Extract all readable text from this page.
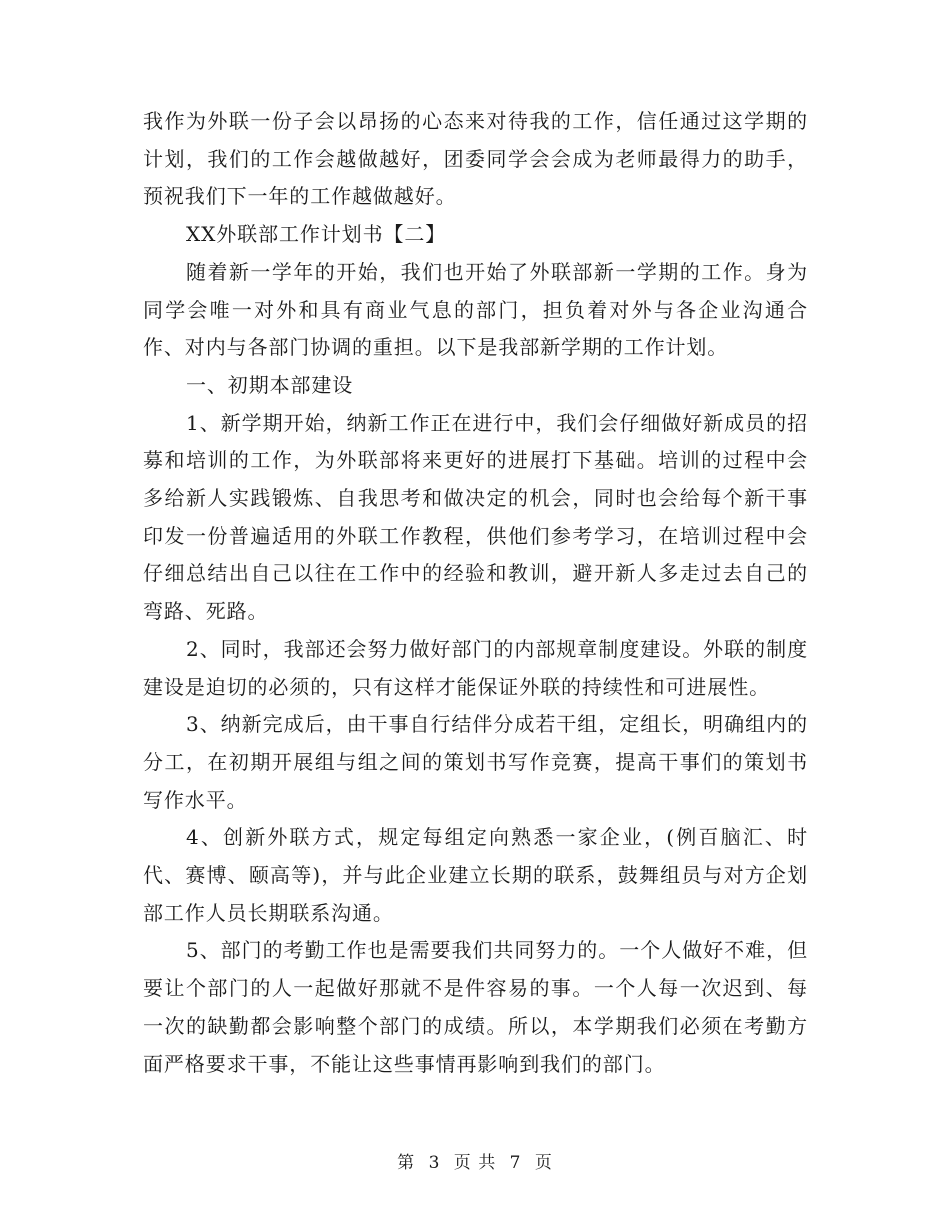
我作为外联一份子会以昂扬的心态来对待我的工作，信任通过这学期的计划，我们的工作会越做越好，团委同学会会成为老师最得力的助手，预祝我们下一年的工作越做越好。

XX外联部工作计划书【二】

随着新一学年的开始，我们也开始了外联部新一学期的工作。身为同学会唯一对外和具有商业气息的部门，担负着对外与各企业沟通合作、对内与各部门协调的重担。以下是我部新学期的工作计划。

一、初期本部建设

1、新学期开始，纳新工作正在进行中，我们会仔细做好新成员的招募和培训的工作，为外联部将来更好的进展打下基础。培训的过程中会多给新人实践锻炼、自我思考和做决定的机会，同时也会给每个新干事印发一份普遍适用的外联工作教程，供他们参考学习，在培训过程中会仔细总结出自己以往在工作中的经验和教训，避开新人多走过去自己的弯路、死路。

2、同时，我部还会努力做好部门的内部规章制度建设。外联的制度建设是迫切的必须的，只有这样才能保证外联的持续性和可进展性。

3、纳新完成后，由干事自行结伴分成若干组，定组长，明确组内的分工，在初期开展组与组之间的策划书写作竞赛，提高干事们的策划书写作水平。

4、创新外联方式，规定每组定向熟悉一家企业，(例百脑汇、时代、赛博、颐高等)，并与此企业建立长期的联系，鼓舞组员与对方企划部工作人员长期联系沟通。

5、部门的考勤工作也是需要我们共同努力的。一个人做好不难，但要让个部门的人一起做好那就不是件容易的事。一个人每一次迟到、每一次的缺勤都会影响整个部门的成绩。所以，本学期我们必须在考勤方面严格要求干事，不能让这些事情再影响到我们的部门。

第 3 页 共 7 页
